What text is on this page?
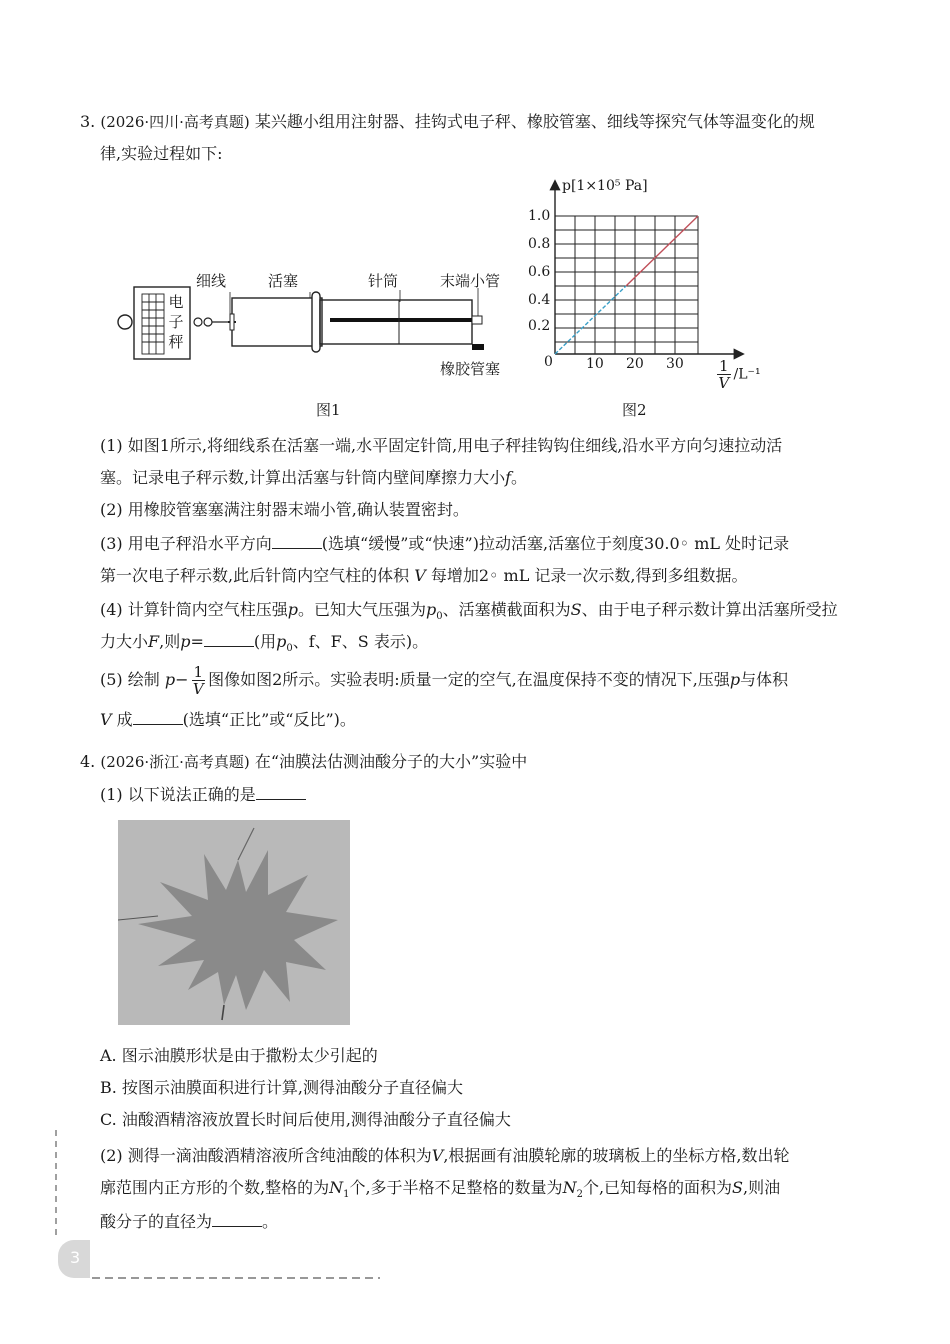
3. (2026·四川·高考真题) 某兴趣小组用注射器、挂钩式电子秤、橡胶管塞、细线等探究气体等温变化的规
律,实验过程如下:
电
子
秤
细线	活塞	针筒	末端小管
橡胶管塞
图1
p[1×10⁵ Pa]
1.0
0.8
0.6
0.4
0.2
0 10 20 $30 \frac{1}{V} /L^{-1}$
图2
(1) 如图1所示,将细线系在活塞一端,水平固定针筒,用电子秤挂钩钩住细线,沿水平方向匀速拉动活
塞。记录电子秤示数,计算出活塞与针筒内壁间摩擦力大小f。
(2) 用橡胶管塞塞满注射器末端小管,确认装置密封。
(3) 用电子秤沿水平方向	(选填“缓慢”或“快速”)拉动活塞,活塞位于刻度30.0◦ mL 处时记录
第一次电子秤示数,此后针筒内空气柱的体积 V 每增加2◦ mL 记录一次示数,得到多组数据。
(4) 计算针筒内空气柱压强p。已知大气压强为$p_0$、活塞横截面积为S、由于电子秤示数计算出活塞所受拉
力大小F,则p=	(用$p_0$、f、F、S 表示)。
(5) 绘制 $p- \frac{1}{V}$ 图像如图2所示。实验表明:质量一定的空气,在温度保持不变的情况下,压强p与体积
V 成	(选填“正比”或“反比”)。
4. (2026·浙江·高考真题) 在“油膜法估测油酸分子的大小”实验中
(1) 以下说法正确的是
A. 图示油膜形状是由于撒粉太少引起的
B. 按图示油膜面积进行计算,测得油酸分子直径偏大
C. 油酸酒精溶液放置长时间后使用,测得油酸分子直径偏大
(2) 测得一滴油酸酒精溶液所含纯油酸的体积为V,根据画有油膜轮廓的玻璃板上的坐标方格,数出轮
廓范围内正方形的个数,整格的为$N_1$个,多于半格不足整格的数量为$N_2$个,已知每格的面积为S,则油
酸分子的直径为	。
3
